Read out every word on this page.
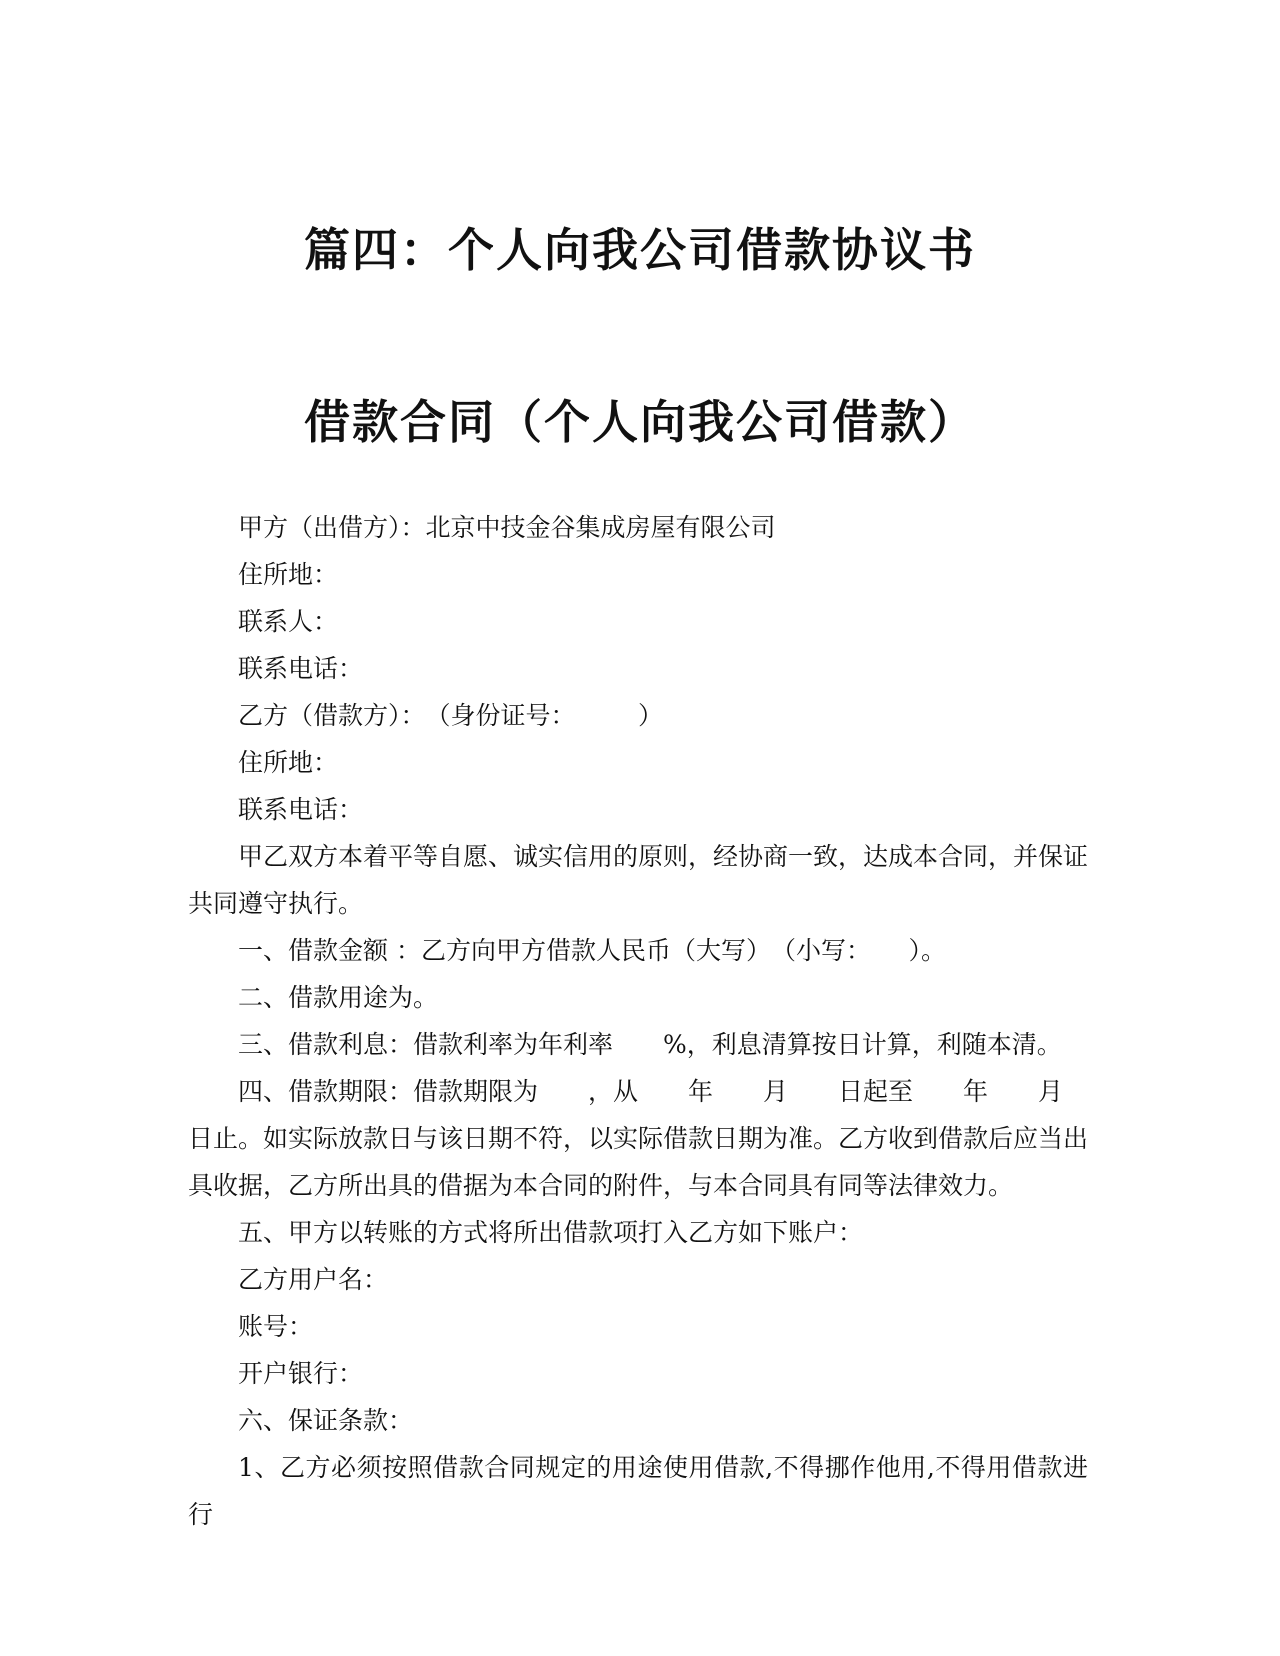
篇四：个人向我公司借款协议书
借款合同（个人向我公司借款）

甲方（出借方）：北京中技金谷集成房屋有限公司

住所地：

联系人：

联系电话：

乙方（借款方）：　（身份证号：　　　）

住所地：

联系电话：

甲乙双方本着平等自愿、诚实信用的原则，经协商一致，达成本合同，并保证共同遵守执行。

一、借款金额 ：乙方向甲方借款人民币（大写）　（小写：　　）。

二、借款用途为。

三、借款利息：借款利率为年利率　　%，利息清算按日计算，利随本清。

四、借款期限：借款期限为　　，从　　年　　月　　日起至　　年　　月　　日止。如实际放款日与该日期不符，以实际借款日期为准。乙方收到借款后应当出具收据，乙方所出具的借据为本合同的附件，与本合同具有同等法律效力。

五、甲方以转账的方式将所出借款项打入乙方如下账户：

乙方用户名：

账号：

开户银行：

六、保证条款：

1、乙方必须按照借款合同规定的用途使用借款,不得挪作他用,不得用借款进行
